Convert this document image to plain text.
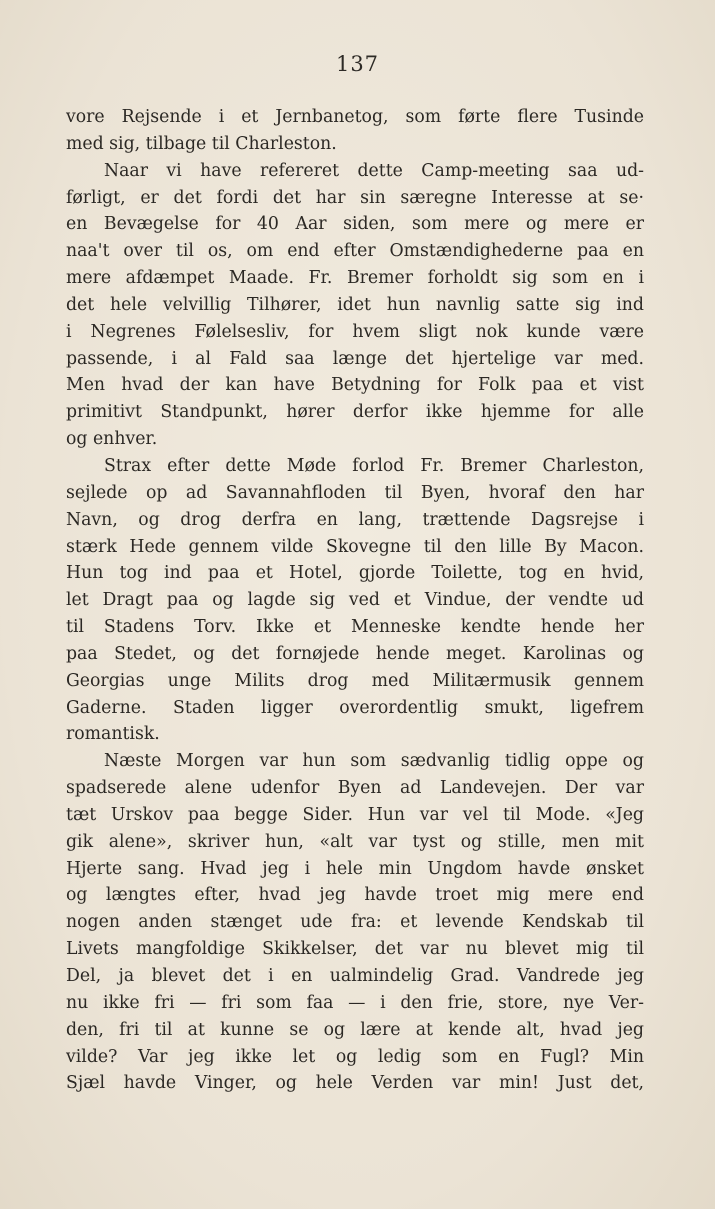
137
vore Rejsende i et Jernbanetog, som førte flere Tusinde
med sig, tilbage til Charleston.
Naar vi have refereret dette Camp-meeting saa ud-
førligt, er det fordi det har sin særegne Interesse at se·
en Bevægelse for 40 Aar siden, som mere og mere er
naa't over til os, om end efter Omstændighederne paa en
mere afdæmpet Maade. Fr. Bremer forholdt sig som en i
det hele velvillig Tilhører, idet hun navnlig satte sig ind
i Negrenes Følelsesliv, for hvem sligt nok kunde være
passende, i al Fald saa længe det hjertelige var med.
Men hvad der kan have Betydning for Folk paa et vist
primitivt Standpunkt, hører derfor ikke hjemme for alle
og enhver.
Strax efter dette Møde forlod Fr. Bremer Charleston,
sejlede op ad Savannahfloden til Byen, hvoraf den har
Navn, og drog derfra en lang, trættende Dagsrejse i
stærk Hede gennem vilde Skovegne til den lille By Macon.
Hun tog ind paa et Hotel, gjorde Toilette, tog en hvid,
let Dragt paa og lagde sig ved et Vindue, der vendte ud
til Stadens Torv. Ikke et Menneske kendte hende her
paa Stedet, og det fornøjede hende meget. Karolinas og
Georgias unge Milits drog med Militærmusik gennem
Gaderne. Staden ligger overordentlig smukt, ligefrem
romantisk.
Næste Morgen var hun som sædvanlig tidlig oppe og
spadserede alene udenfor Byen ad Landevejen. Der var
tæt Urskov paa begge Sider. Hun var vel til Mode. «Jeg
gik alene», skriver hun, «alt var tyst og stille, men mit
Hjerte sang. Hvad jeg i hele min Ungdom havde ønsket
og længtes efter, hvad jeg havde troet mig mere end
nogen anden stænget ude fra: et levende Kendskab til
Livets mangfoldige Skikkelser, det var nu blevet mig til
Del, ja blevet det i en ualmindelig Grad. Vandrede jeg
nu ikke fri — fri som faa — i den frie, store, nye Ver-
den, fri til at kunne se og lære at kende alt, hvad jeg
vilde? Var jeg ikke let og ledig som en Fugl? Min
Sjæl havde Vinger, og hele Verden var min! Just det,
